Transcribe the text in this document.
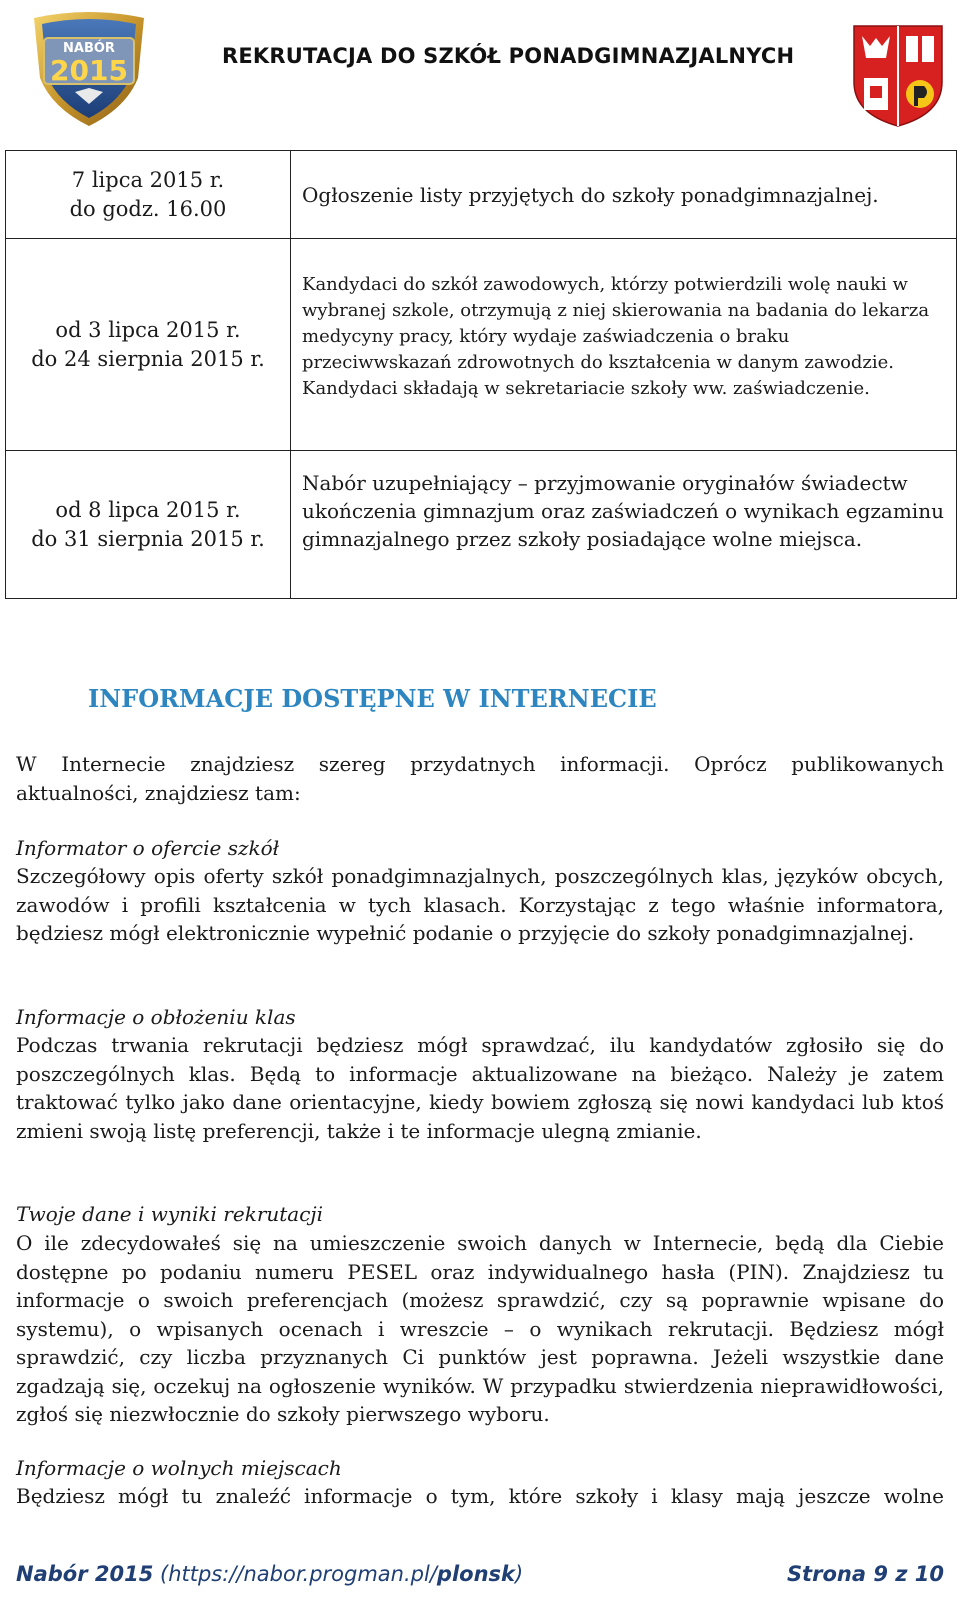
NABÓR
2015	REKRUTACJA DO SZKÓŁ PONADGIMNAZJALNYCH
7 lipca 2015 r.
do godz. 16.00	Ogłoszenie listy przyjętych do szkoły ponadgimnazjalnej.

od 3 lipca 2015 r.
do 24 sierpnia 2015 r.	Kandydaci do szkół zawodowych, którzy potwierdzili wolę nauki w wybranej szkole, otrzymują z niej skierowania na badania do lekarza medycyny pracy, który wydaje zaświadczenia o braku przeciwwskazań zdrowotnych do kształcenia w danym zawodzie. Kandydaci składają w sekretariacie szkoły ww. zaświadczenie.

od 8 lipca 2015 r.
do 31 sierpnia 2015 r.	Nabór uzupełniający – przyjmowanie oryginałów świadectw ukończenia gimnazjum oraz zaświadczeń o wynikach egzaminu gimnazjalnego przez szkoły posiadające wolne miejsca.
INFORMACJE DOSTĘPNE W INTERNECIE
W Internecie znajdziesz szereg przydatnych informacji. Oprócz publikowanych aktualności, znajdziesz tam:
Informator o ofercie szkół
Szczegółowy opis oferty szkół ponadgimnazjalnych, poszczególnych klas, języków obcych, zawodów i profili kształcenia w tych klasach. Korzystając z tego właśnie informatora, będziesz mógł elektronicznie wypełnić podanie o przyjęcie do szkoły ponadgimnazjalnej.
Informacje o obłożeniu klas
Podczas trwania rekrutacji będziesz mógł sprawdzać, ilu kandydatów zgłosiło się do poszczególnych klas. Będą to informacje aktualizowane na bieżąco. Należy je zatem traktować tylko jako dane orientacyjne, kiedy bowiem zgłoszą się nowi kandydaci lub ktoś zmieni swoją listę preferencji, także i te informacje ulegną zmianie.
Twoje dane i wyniki rekrutacji
O ile zdecydowałeś się na umieszczenie swoich danych w Internecie, będą dla Ciebie dostępne po podaniu numeru PESEL oraz indywidualnego hasła (PIN). Znajdziesz tu informacje o swoich preferencjach (możesz sprawdzić, czy są poprawnie wpisane do systemu), o wpisanych ocenach i wreszcie – o wynikach rekrutacji. Będziesz mógł sprawdzić, czy liczba przyznanych Ci punktów jest poprawna. Jeżeli wszystkie dane zgadzają się, oczekuj na ogłoszenie wyników. W przypadku stwierdzenia nieprawidłowości, zgłoś się niezwłocznie do szkoły pierwszego wyboru.
Informacje o wolnych miejscach
Będziesz mógł tu znaleźć informacje o tym, które szkoły i klasy mają jeszcze wolne
Nabór 2015 (https://nabor.progman.pl/plonsk)	Strona 9 z 10
